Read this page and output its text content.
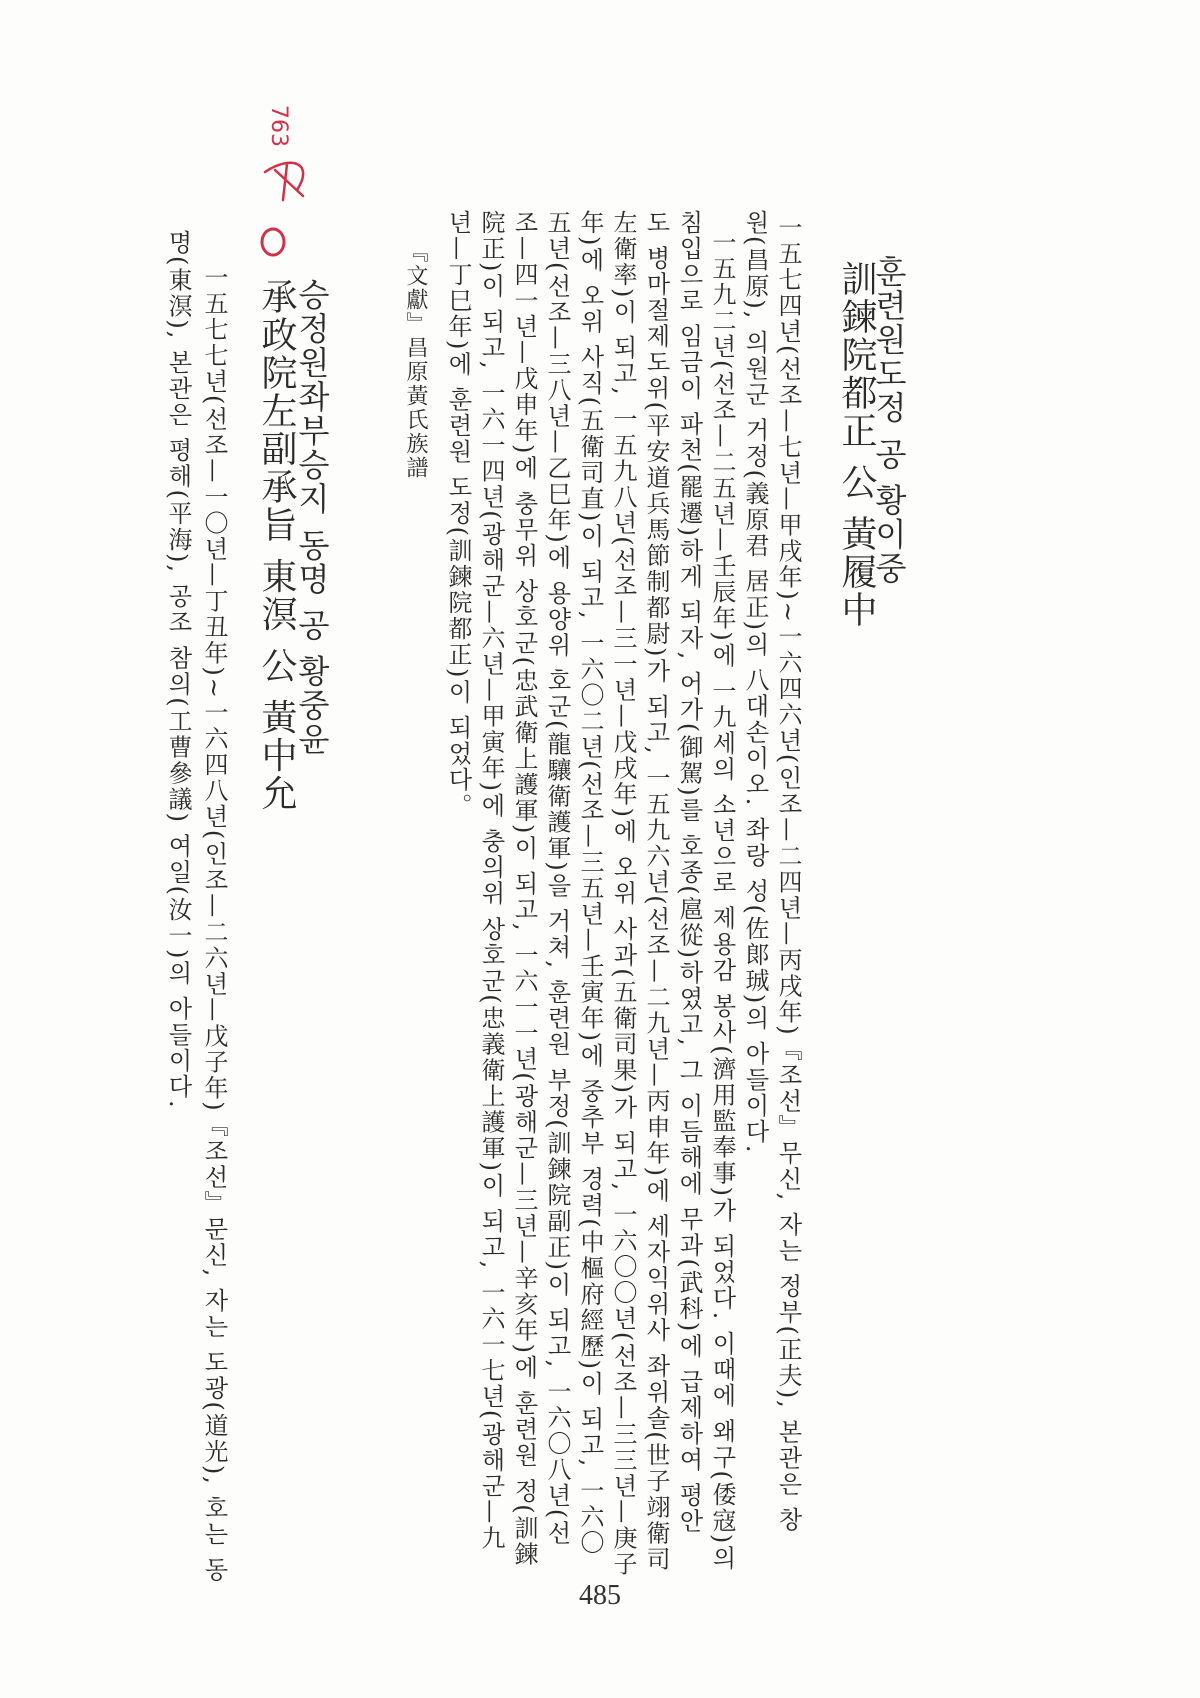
훈련원도정 공 황이중
訓鍊院都正 公 黃履中
一五七四년(선조—七년—甲戌年)~一六四六년(인조—二四년—丙戌年)『조선』무신, 자는 정부(正夫), 본관은 창
원(昌原), 의원군 거정(義原君 居正)의 八대손이오. 좌랑 성(佐郞珹)의 아들이다.
一五九二년(선조—二五년—壬辰年)에 一九세의 소년으로 제용감 봉사(濟用監奉事)가 되었다. 이때에 왜구(倭寇)의
침입으로 임금이 파천(罷遷)하게 되자, 어가(御駕)를 호종(扈從)하였고, 그 이듬해에 무과(武科)에 급제하여 평안
도 병마절제도위(平安道兵馬節制都尉)가 되고, 一五九六년(선조—二九년—丙申年)에 세자익위사 좌위솔(世子翊衛司
左衛率)이 되고, 一五九八년(선조—三一년—戊戌年)에 오위 사과(五衛司果)가 되고, 一六〇〇년(선조—三三년—庚子
年)에 오위 사직(五衛司直)이 되고, 一六〇二년(선조—三五년—壬寅年)에 중추부 경력(中樞府經歷)이 되고, 一六〇
五년(선조—三八년—乙巳年)에 용양위 호군(龍驤衛護軍)을 거쳐, 훈련원 부정(訓鍊院副正)이 되고, 一六〇八년(선
조—四一년—戊申年)에 충무위 상호군(忠武衛上護軍)이 되고, 一六一一년(광해군—三년—辛亥年)에 훈련원 정(訓鍊
院正)이 되고, 一六一四년(광해군—六년—甲寅年)에 충의위 상호군(忠義衛上護軍)이 되고, 一六一七년(광해군—九
년—丁巳年)에 훈련원 도정(訓鍊院都正)이 되었다。
『文獻』昌原黃氏族譜
승정원좌부승지 동명 공 황중윤
承政院左副承旨 東溟 公 黃中允
一五七七년(선조—一〇년—丁丑年)~一六四八년(인조—二六년—戊子年)『조선』문신, 자는 도광(道光), 호는 동
명(東溟), 본관은 평해(平海), 공조 참의(工曹參議) 여일(汝一)의 아들이다.
763
485
